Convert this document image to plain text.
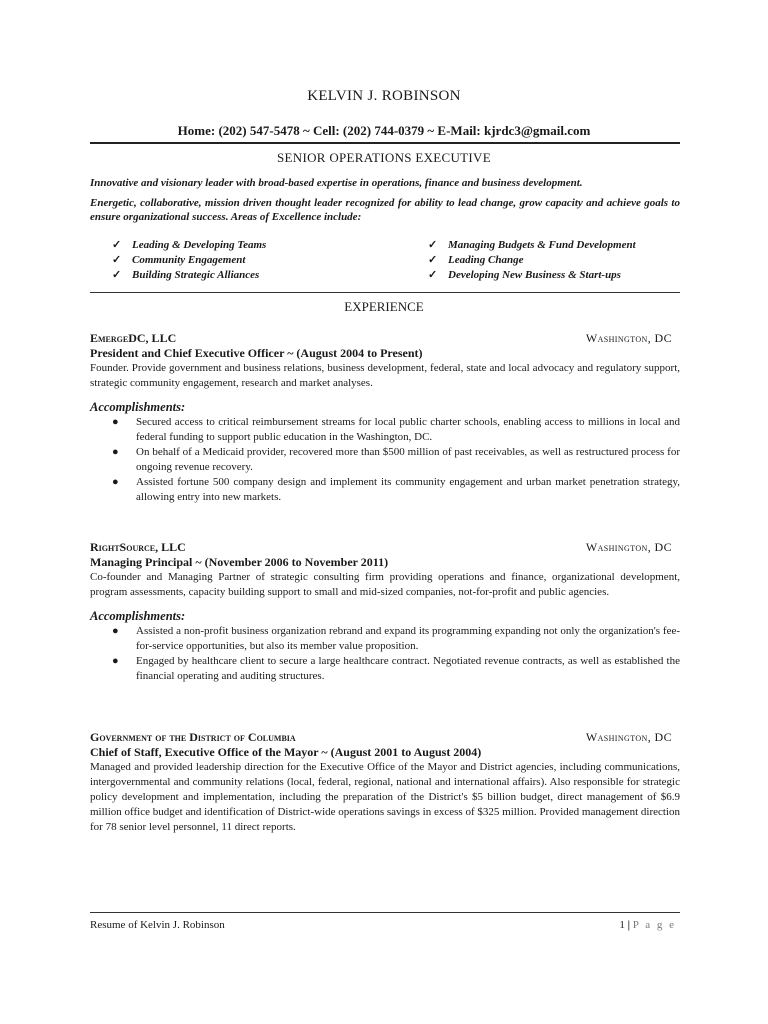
KELVIN J. ROBINSON
Home: (202) 547-5478 ~ Cell: (202) 744-0379 ~ E-Mail: kjrdc3@gmail.com
SENIOR OPERATIONS EXECUTIVE
Innovative and visionary leader with broad-based expertise in operations, finance and business development.
Energetic, collaborative, mission driven thought leader recognized for ability to lead change, grow capacity and achieve goals to ensure organizational success. Areas of Excellence include:
✓ Leading & Developing Teams
✓ Community Engagement
✓ Building Strategic Alliances
✓ Managing Budgets & Fund Development
✓ Leading Change
✓ Developing New Business & Start-ups
EXPERIENCE
EmergeDC, LLC	Washington, DC
President and Chief Executive Officer ~ (August 2004 to Present)
Founder. Provide government and business relations, business development, federal, state and local advocacy and regulatory support, strategic community engagement, research and market analyses.
Accomplishments:
● Secured access to critical reimbursement streams for local public charter schools, enabling access to millions in local and federal funding to support public education in the Washington, DC.
● On behalf of a Medicaid provider, recovered more than $500 million of past receivables, as well as restructured process for ongoing revenue recovery.
● Assisted fortune 500 company design and implement its community engagement and urban market penetration strategy, allowing entry into new markets.
RightSource, LLC	Washington, DC
Managing Principal ~ (November 2006 to November 2011)
Co-founder and Managing Partner of strategic consulting firm providing operations and finance, organizational development, program assessments, capacity building support to small and mid-sized companies, not-for-profit and public agencies.
Accomplishments:
● Assisted a non-profit business organization rebrand and expand its programming expanding not only the organization's fee-for-service opportunities, but also its member value proposition.
● Engaged by healthcare client to secure a large healthcare contract. Negotiated revenue contracts, as well as established the financial operating and auditing structures.
Government of the District of Columbia	Washington, DC
Chief of Staff, Executive Office of the Mayor ~ (August 2001 to August 2004)
Managed and provided leadership direction for the Executive Office of the Mayor and District agencies, including communications, intergovernmental and community relations (local, federal, regional, national and international affairs). Also responsible for strategic policy development and implementation, including the preparation of the District's $5 billion budget, direct management of $6.9 million office budget and identification of District-wide operations savings in excess of $325 million. Provided management direction for 78 senior level personnel, 11 direct reports.
Resume of Kelvin J. Robinson	1 | P a g e
